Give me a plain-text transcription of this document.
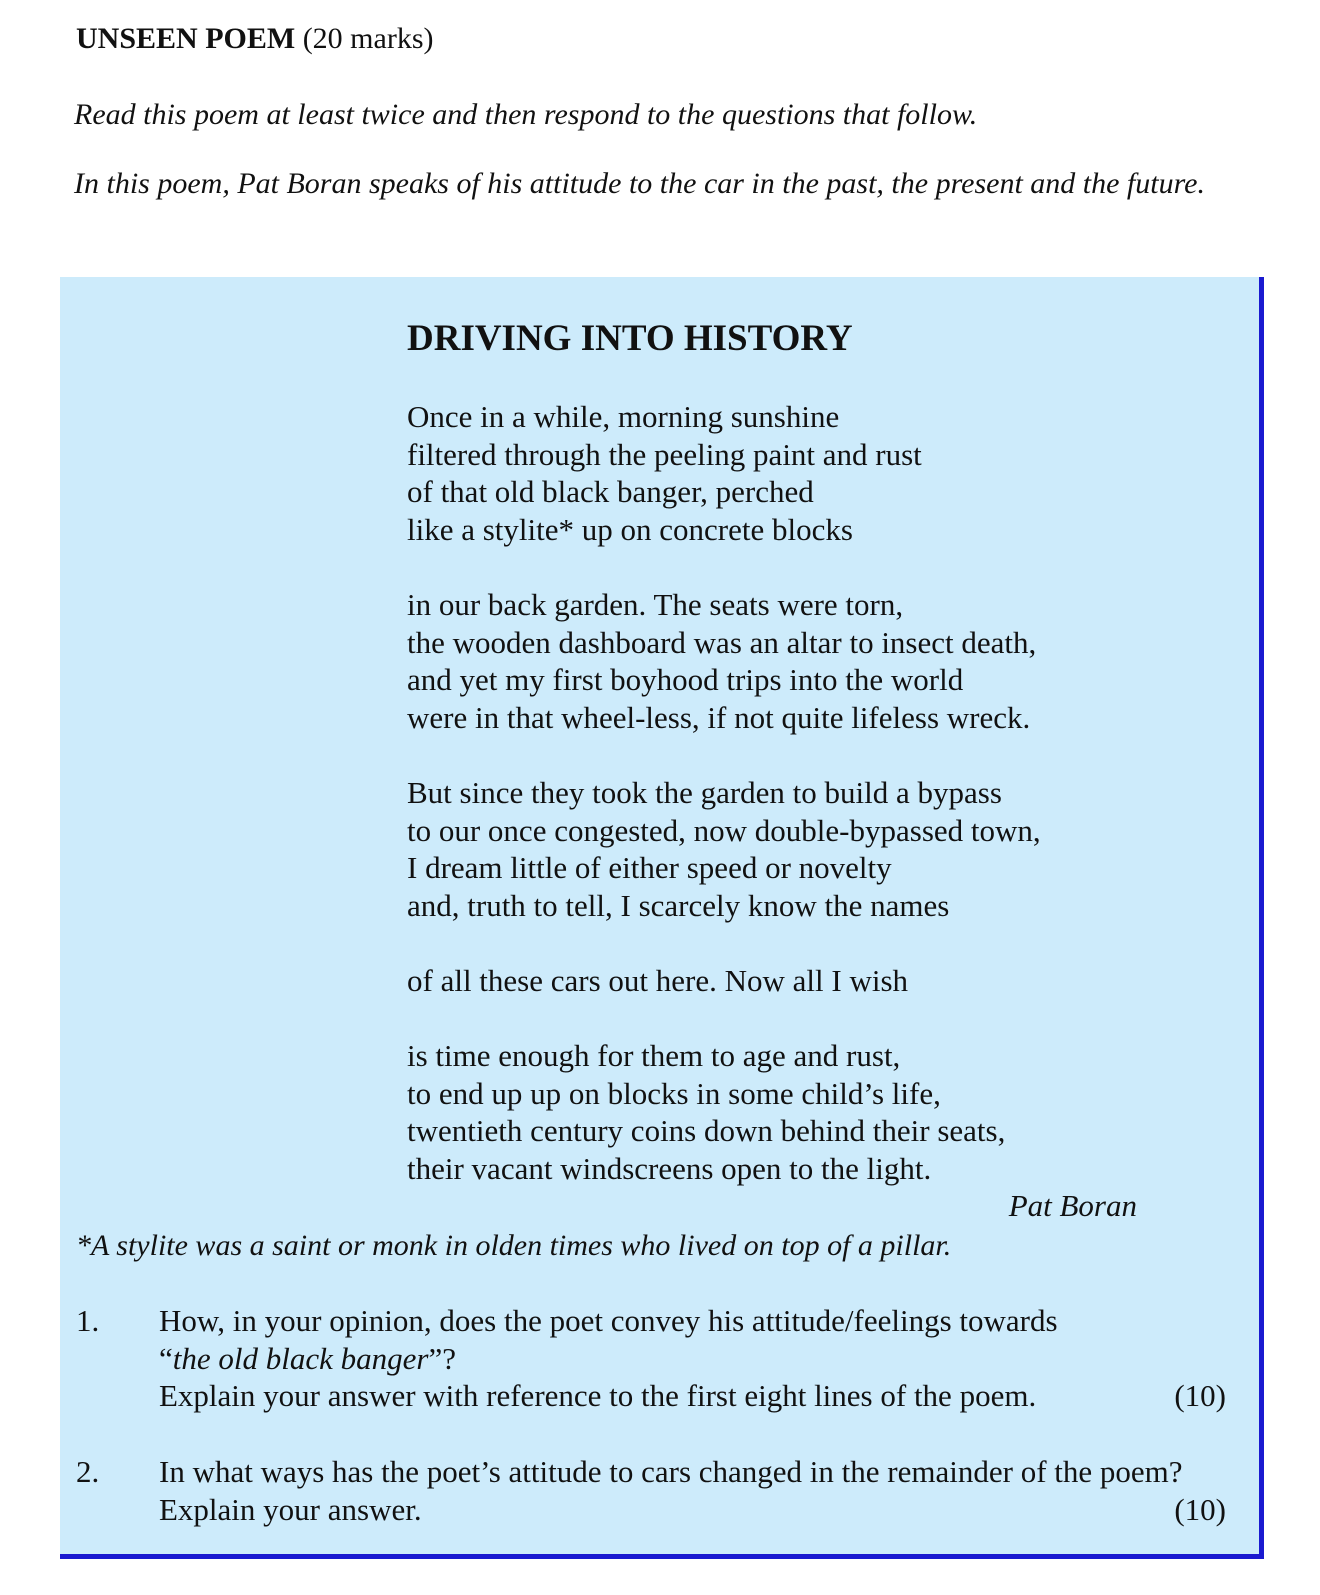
UNSEEN POEM (20 marks)

Read this poem at least twice and then respond to the questions that follow.

In this poem, Pat Boran speaks of his attitude to the car in the past, the present and the future.

DRIVING INTO HISTORY
Once in a while, morning sunshine
filtered through the peeling paint and rust
of that old black banger, perched
like a stylite* up on concrete blocks
in our back garden. The seats were torn,
the wooden dashboard was an altar to insect death,
and yet my first boyhood trips into the world
were in that wheel-less, if not quite lifeless wreck.
But since they took the garden to build a bypass
to our once congested, now double-bypassed town,
I dream little of either speed or novelty
and, truth to tell, I scarcely know the names
of all these cars out here. Now all I wish
is time enough for them to age and rust,
to end up up on blocks in some child’s life,
twentieth century coins down behind their seats,
their vacant windscreens open to the light.

Pat Boran

*A stylite was a saint or monk in olden times who lived on top of a pillar.

1. How, in your opinion, does the poet convey his attitude/feelings towards
“the old black banger”?
Explain your answer with reference to the first eight lines of the poem.	(10)
2. In what ways has the poet’s attitude to cars changed in the remainder of the poem?
Explain your answer.	(10)
